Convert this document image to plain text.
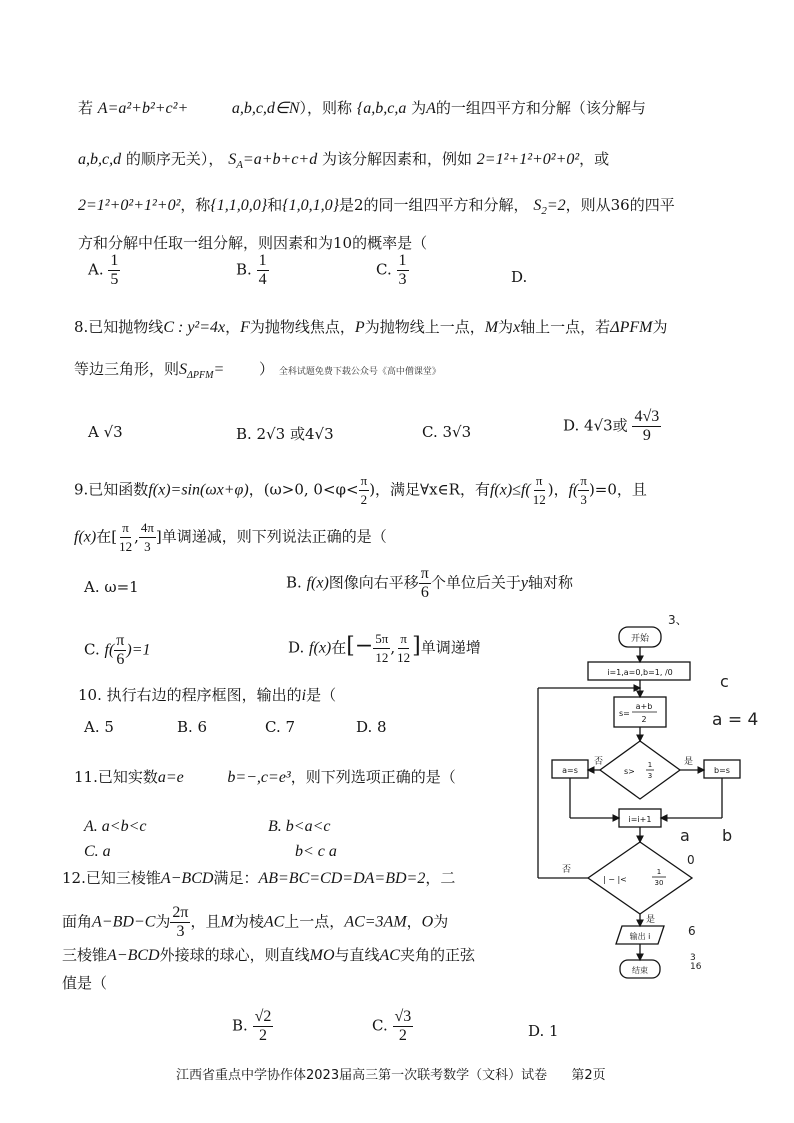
若 A=a²+b²+c²+	a,b,c,d∈N），则称 {a,b,c,a 为A的一组四平方和分解（该分解与
a,b,c,d 的顺序无关）， $S_A=a+b+c+d$ 为该分解因素和，例如 2=1²+1²+0²+0²，或
2=1²+0²+1²+0²，称{1,1,0,0}和{1,0,1,0}是2的同一组四平方和分解， $S_2=2$，则从36的四平
方和分解中任取一组分解，则因素和为10的概率是（
A. $\frac{1}{5}$	B. $\frac{1}{4}$	C. $\frac{1}{3}$	D.
8.已知抛物线C : y²=4x，F为抛物线焦点，P为抛物线上一点，M为x轴上一点，若ΔPFM为
等边三角形，则$S_{\Delta PFM}=$ ） 全科试题免费下载公众号《高中僧课堂》
A √3	B. 2√3 或4√3	C. 3√3	D. 4√3或 $\frac{4√3}{9}$
9.已知函数f(x)=sin(ωx+φ)，(ω>0, $0<\varphi< \frac{\pi}{2}$ )，满足∀x∈R，有$f(x)\le f( \frac{\pi}{12}$ )，$f( \frac{\pi}{3} )=0$，且
f(x)在[ $\frac{\pi}{12}$ , $\frac{4\pi}{3}$ ]单调递减，则下列说法正确的是（
A. ω=1	B. f(x)图像向右平移 $\frac{\pi}{6}$ 个单位后关于y轴对称
C. $f( \frac{\pi}{6} )=1$	D. f(x)在[− $\frac{5\pi}{12}$ , $\frac{\pi}{12}$ ]单调递增
10. 执行右边的程序框图，输出的i是（
A. 5	B. 6	C. 7	D. 8
11.已知实数a=e	b=−,c=e³，则下列选项正确的是（
A. a<b<c	B. b<a<c
C. a	b< c a
12.已知三棱锥A−BCD满足：AB=BC=CD=DA=BD=2，二
面角A−BD−C为 $\frac{2\pi}{3}$ ，且M为棱AC上一点，AC=3AM，O为
三棱锥A−BCD外接球的球心，则直线MO与直线AC夹角的正弦
值是（
B. $\frac{√2}{2}$	C. $\frac{√3}{2}$	D. 1
开始
i=1,a=0,b=1, /0
s=
a+b
2
s>
1
3
否	是
a=s	b=s
i=i+1
| − |<
1
30
否
是
输出 i
结束
3、
c
a = 4
a b
0
6
3
16
江西省重点中学协作体2023届高三第一次联考数学（文科）试卷 第2页
